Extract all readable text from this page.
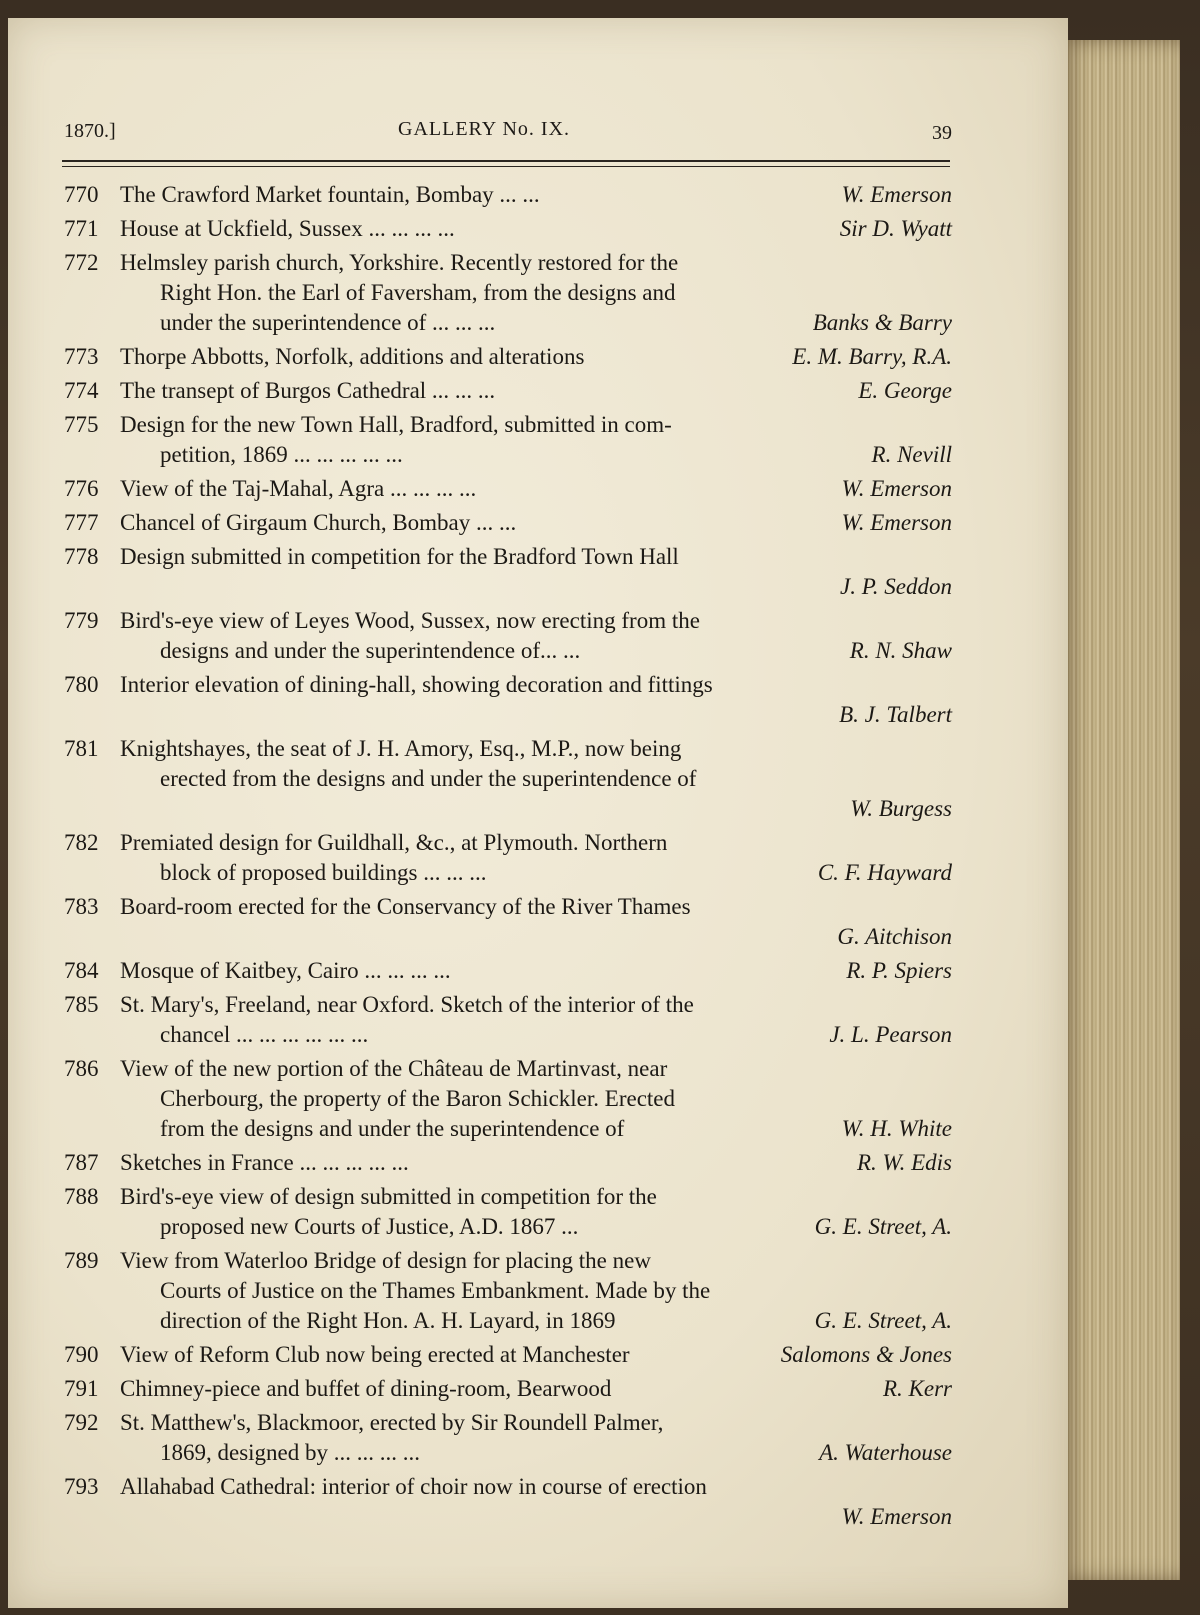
1870.]	GALLERY No. IX.	39
770 The Crawford Market fountain, Bombay ... ...	W. Emerson
771 House at Uckfield, Sussex ... ... ... ...	Sir D. Wyatt
772 Helmsley parish church, Yorkshire. Recently restored for the
Right Hon. the Earl of Faversham, from the designs and
under the superintendence of ... ... ...	Banks & Barry
773 Thorpe Abbotts, Norfolk, additions and alterations	E. M. Barry, R.A.
774 The transept of Burgos Cathedral ... ... ...	E. George
775 Design for the new Town Hall, Bradford, submitted in com-
petition, 1869 ... ... ... ... ...	R. Nevill
776 View of the Taj-Mahal, Agra ... ... ... ...	W. Emerson
777 Chancel of Girgaum Church, Bombay ... ...	W. Emerson
778 Design submitted in competition for the Bradford Town Hall
J. P. Seddon
779 Bird's-eye view of Leyes Wood, Sussex, now erecting from the
designs and under the superintendence of... ...	R. N. Shaw
780 Interior elevation of dining-hall, showing decoration and fittings
B. J. Talbert
781 Knightshayes, the seat of J. H. Amory, Esq., M.P., now being
erected from the designs and under the superintendence of
W. Burgess
782 Premiated design for Guildhall, &c., at Plymouth. Northern
block of proposed buildings ... ... ...	C. F. Hayward
783 Board-room erected for the Conservancy of the River Thames
G. Aitchison
784 Mosque of Kaitbey, Cairo ... ... ... ...	R. P. Spiers
785 St. Mary's, Freeland, near Oxford. Sketch of the interior of the
chancel ... ... ... ... ... ...	J. L. Pearson
786 View of the new portion of the Château de Martinvast, near
Cherbourg, the property of the Baron Schickler. Erected
from the designs and under the superintendence of	W. H. White
787 Sketches in France ... ... ... ... ...	R. W. Edis
788 Bird's-eye view of design submitted in competition for the
proposed new Courts of Justice, A.D. 1867 ...	G. E. Street, A.
789 View from Waterloo Bridge of design for placing the new
Courts of Justice on the Thames Embankment. Made by the
direction of the Right Hon. A. H. Layard, in 1869	G. E. Street, A.
790 View of Reform Club now being erected at Manchester	Salomons & Jones
791 Chimney-piece and buffet of dining-room, Bearwood	R. Kerr
792 St. Matthew's, Blackmoor, erected by Sir Roundell Palmer,
1869, designed by ... ... ... ...	A. Waterhouse
793 Allahabad Cathedral: interior of choir now in course of erection
W. Emerson
